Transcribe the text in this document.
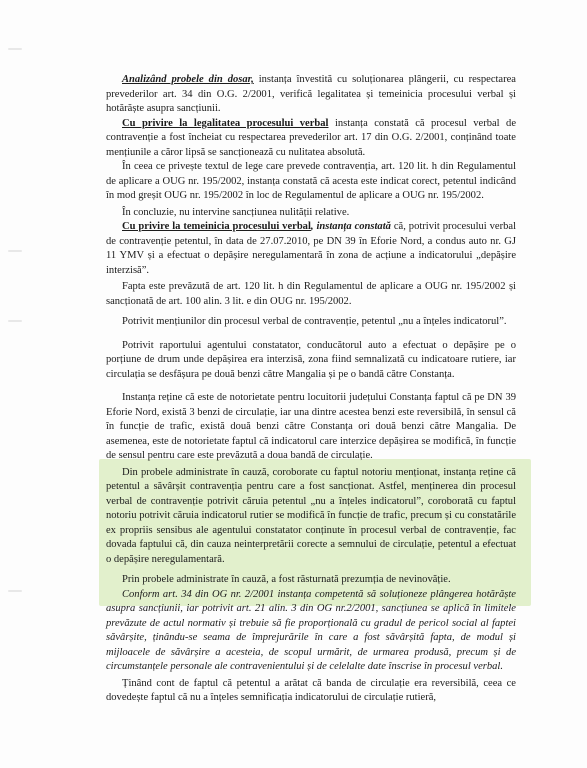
Analizând probele din dosar, instanța învestită cu soluționarea plângerii, cu respectarea prevederilor art. 34 din O.G. 2/2001, verifică legalitatea și temeinicia procesului verbal și hotărăște asupra sancțiunii.

Cu privire la legalitatea procesului verbal instanța constată că procesul verbal de contravenție a fost încheiat cu respectarea prevederilor art. 17 din O.G. 2/2001, conținând toate mențiunile a căror lipsă se sancționează cu nulitatea absolută.

În ceea ce privește textul de lege care prevede contravenția, art. 120 lit. h din Regulamentul de aplicare a OUG nr. 195/2002, instanța constată că acesta este indicat corect, petentul indicând în mod greșit OUG nr. 195/2002 în loc de Regulamentul de aplicare a OUG nr. 195/2002.

În concluzie, nu intervine sancțiunea nulității relative.

Cu privire la temeinicia procesului verbal, instanța constată că, potrivit procesului verbal de contravenție petentul, în data de 27.07.2010, pe DN 39 în Eforie Nord, a condus auto nr. GJ 11 YMV și a efectuat o depășire neregulamentară în zona de acțiune a indicatorului „depășire interzisă”.

Fapta este prevăzută de art. 120 lit. h din Regulamentul de aplicare a OUG nr. 195/2002 și sancționată de art. 100 alin. 3 lit. e din OUG nr. 195/2002.

Potrivit mențiunilor din procesul verbal de contravenție, petentul „nu a înțeles indicatorul”.

Potrivit raportului agentului constatator, conducătorul auto a efectuat o depășire pe o porțiune de drum unde depășirea era interzisă, zona fiind semnalizată cu indicatoare rutiere, iar circulația se desfășura pe două benzi către Mangalia și pe o bandă către Constanța.

Instanța reține că este de notorietate pentru locuitorii județului Constanța faptul că pe DN 39 Eforie Nord, există 3 benzi de circulație, iar una dintre acestea benzi este reversibilă, în sensul că în funcție de trafic, există două benzi către Constanța ori două benzi către Mangalia. De asemenea, este de notorietate faptul că indicatorul care interzice depășirea se modifică, în funcție de sensul pentru care este prevăzută a doua bandă de circulație.

Din probele administrate în cauză, coroborate cu faptul notoriu menționat, instanța reține că petentul a săvârșit contravenția pentru care a fost sancționat. Astfel, menținerea din procesul verbal de contravenție potrivit căruia petentul „nu a înțeles indicatorul”, coroborată cu faptul notoriu potrivit căruia indicatorul rutier se modifică în funcție de trafic, precum și cu constatările ex propriis sensibus ale agentului constatator conținute în procesul verbal de contravenție, fac dovada faptului că, din cauza neinterpretării corecte a semnului de circulație, petentul a efectuat o depășire neregulamentară.

Prin probele administrate în cauză, a fost răsturnată prezumția de nevinovăție.

Conform art. 34 din OG nr. 2/2001 instanța competentă să soluționeze plângerea hotărăște asupra sancțiunii, iar potrivit art. 21 alin. 3 din OG nr.2/2001, sancțiunea se aplică în limitele prevăzute de actul normativ și trebuie să fie proporțională cu gradul de pericol social al faptei săvârșite, ținându-se seama de împrejurările în care a fost săvârșită fapta, de modul și mijloacele de săvârșire a acesteia, de scopul urmărit, de urmarea produsă, precum și de circumstanțele personale ale contravenientului și de celelalte date înscrise în procesul verbal.

Ținând cont de faptul că petentul a arătat că banda de circulație era reversibilă, ceea ce dovedește faptul că nu a înțeles semnificația indicatorului de circulație rutieră,
